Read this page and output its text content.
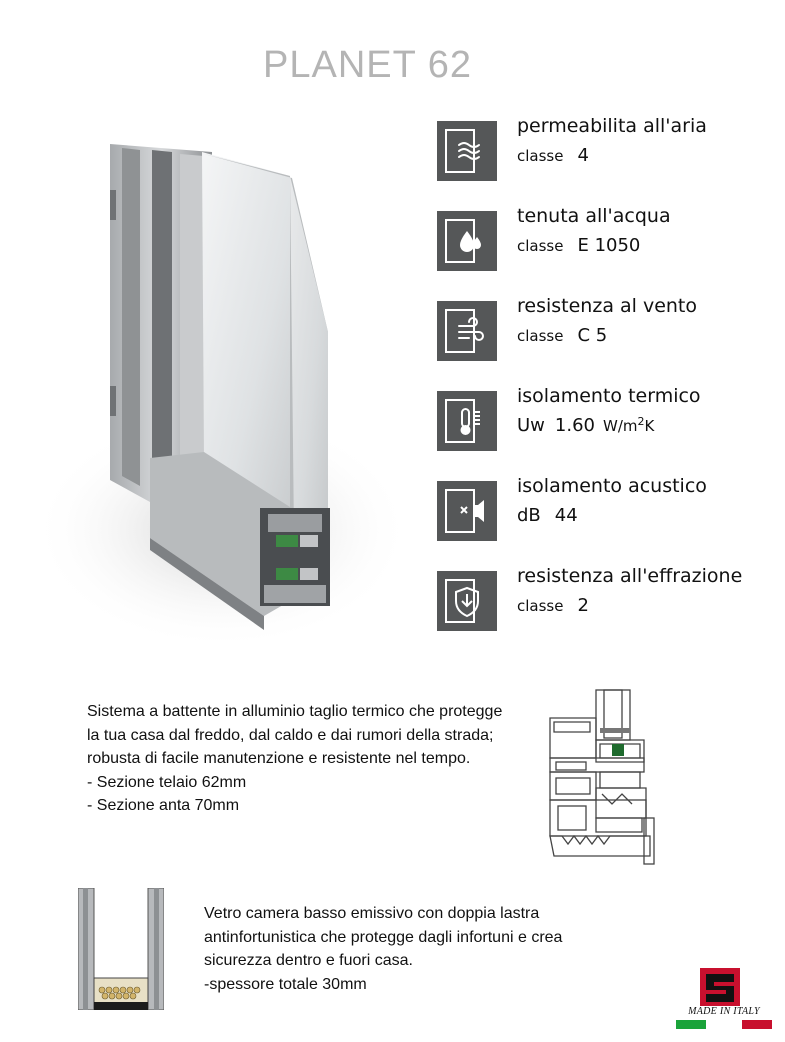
PLANET 62
permeabilita all'aria
classe 4
tenuta all'acqua
classe E 1050
resistenza al vento
classe C 5
isolamento termico
Uw 1.60 $W/m^2K$
isolamento acustico
dB 44
resistenza all'effrazione
classe 2

Sistema a battente in alluminio taglio termico che protegge la tua casa dal freddo, dal caldo e dai rumori della strada; robusta di facile manutenzione e resistente nel tempo.

- Sezione telaio 62mm

- Sezione anta 70mm

Vetro camera basso emissivo con doppia lastra antinfortunistica che protegge dagli infortuni e crea sicurezza dentro e fuori casa.

-spessore totale 30mm

MADE IN ITALY
